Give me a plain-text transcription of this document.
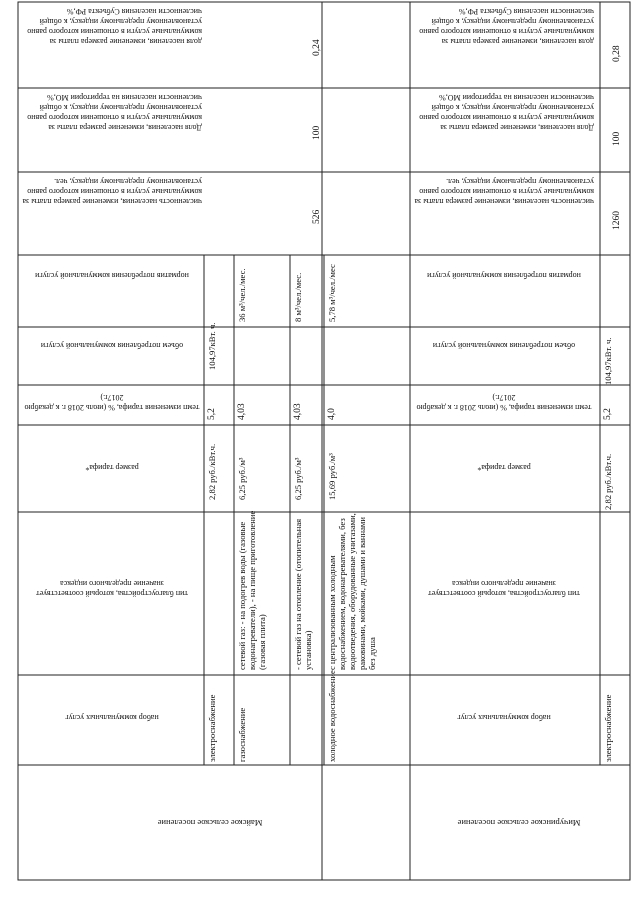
доля населения, изменение размера платы за коммунальные услуги в отношении которого равно установленному предельному индексу, к общей численности населения Субъекта РФ,%
Доля населения, изменение размера платы за коммунальные услуги в отношении которого равно установленному предельному индексу, к общей численности населения на территории МО,%
численность населения, изменение размера платы за коммунальные услуги в отношении которого равно установленному предельному индексу, чел.
норматив потребления коммунальной услуги
объем потребления коммунальной услуги
темп изменения тарифа, % (июль 2018 г. к декабрю 2017г.)
размер тарифа*
тип благоустройства, который соответствует значение предельного индекса
набор коммунальных услуг
Майское сельское поселение
0,24
100
526
104,97кВт. ч.
5,2
2,82 руб./кВт.ч.
электроснабжение
36 м³/чел./мес.
4,03
6,25 руб./м³
сетевой газ: - на подогрев воды (газовые водонагреватели), - на пище приготовление (газовая плита)
газоснабжение
8 м³/чел./мес.
4,03
6,25 руб./м³
- сетевой газ на отопление (отопительная установка)
5,78 м³/чел./мес
4,0
15,69 руб./м³
с централизованным холодным водоснабжением, водонагревателями, без водоотведения, оборудованные унитазами, раковинами, мойками, душами и ваннами без душа
холодное водоснабжение
доля населения, изменение размера платы за коммунальные услуги в отношении которого равно установленному предельному индексу, к общей численности населения Субъекта РФ,%
Доля населения, изменение размера платы за коммунальные услуги в отношении которого равно установленному предельному индексу, к общей численности населения на территории МО,%
численность населения, изменение размера платы за коммунальные услуги в отношении которого равно установленному предельному индексу, чел.
норматив потребления коммунальной услуги
объем потребления коммунальной услуги
темп изменения тарифа, % (июль 2018 г. к декабрю 2017г.)
размер тарифа*
тип благоустройства, который соответствует значение предельного индекса
набор коммунальных услуг
Мичуринское сельское поселение
0,28
100
1260
104,97кВт. ч.
5,2
2,82 руб./кВт.ч.
электроснабжение
